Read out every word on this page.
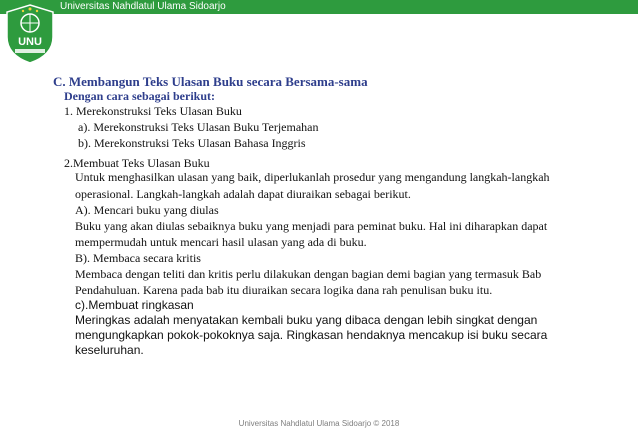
Universitas Nahdlatul Ulama Sidoarjo
UNU
C. Membangun Teks Ulasan Buku secara Bersama-sama
Dengan cara sebagai berikut:
1. Merekonstruksi Teks Ulasan Buku
a). Merekonstruksi Teks Ulasan Buku Terjemahan
b). Merekonstruksi Teks Ulasan Bahasa Inggris
2.Membuat Teks Ulasan Buku
Untuk menghasilkan ulasan yang baik, diperlukanlah prosedur yang mengandung langkah-langkah
operasional. Langkah-langkah adalah dapat diuraikan sebagai berikut.
A). Mencari buku yang diulas
Buku yang akan diulas sebaiknya buku yang menjadi para peminat buku. Hal ini diharapkan dapat
mempermudah untuk mencari hasil ulasan yang ada di buku.
B). Membaca secara kritis
Membaca dengan teliti dan kritis perlu dilakukan dengan bagian demi bagian yang termasuk Bab
Pendahuluan. Karena pada bab itu diuraikan secara logika dana rah penulisan buku itu.
c).Membuat ringkasan
Meringkas adalah menyatakan kembali buku yang dibaca dengan lebih singkat dengan
mengungkapkan pokok-pokoknya saja. Ringkasan hendaknya mencakup isi buku secara
keseluruhan.
Universitas Nahdlatul Ulama Sidoarjo © 2018
